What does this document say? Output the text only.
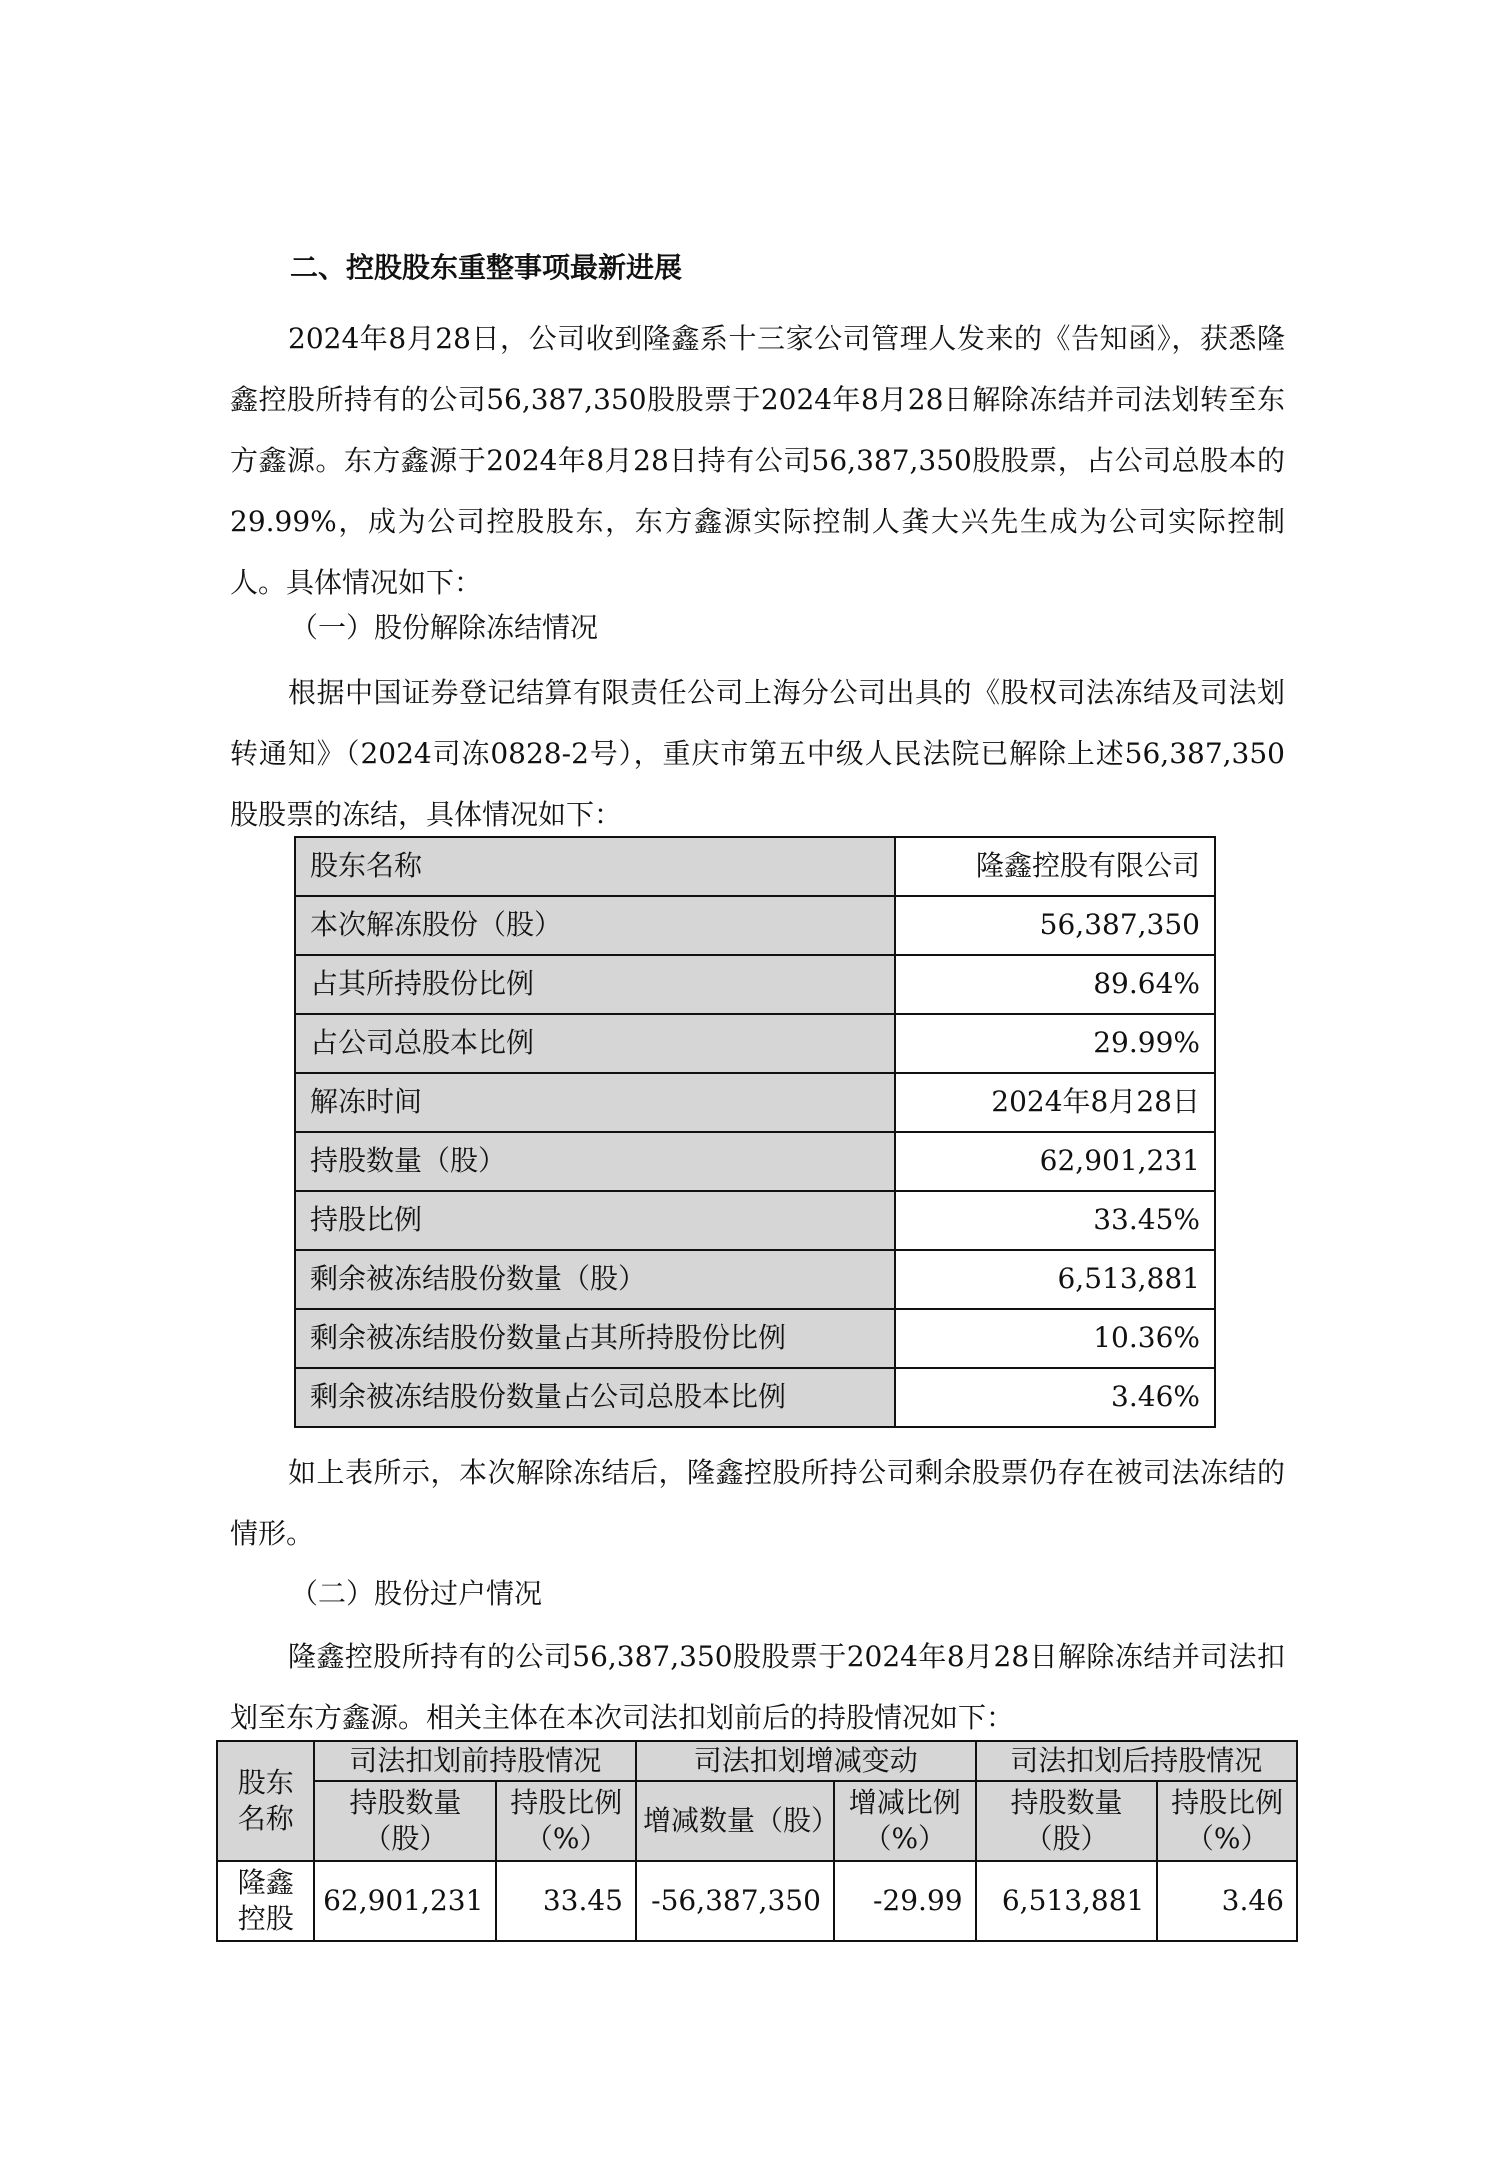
二、控股股东重整事项最新进展

2024年8月28日，公司收到隆鑫系十三家公司管理人发来的《告知函》，获悉隆鑫控股所持有的公司56,387,350股股票于2024年8月28日解除冻结并司法划转至东方鑫源。东方鑫源于2024年8月28日持有公司56,387,350股股票，占公司总股本的29.99%，成为公司控股股东，东方鑫源实际控制人龚大兴先生成为公司实际控制人。具体情况如下：

（一）股份解除冻结情况

根据中国证券登记结算有限责任公司上海分公司出具的《股权司法冻结及司法划转通知》（2024司冻0828-2号），重庆市第五中级人民法院已解除上述56,387,350股股票的冻结，具体情况如下：

股东名称	隆鑫控股有限公司
本次解冻股份（股）	56,387,350
占其所持股份比例	89.64%
占公司总股本比例	29.99%
解冻时间	2024年8月28日
持股数量（股）	62,901,231
持股比例	33.45%
剩余被冻结股份数量（股）	6,513,881
剩余被冻结股份数量占其所持股份比例	10.36%
剩余被冻结股份数量占公司总股本比例	3.46%

如上表所示，本次解除冻结后，隆鑫控股所持公司剩余股票仍存在被司法冻结的情形。

（二）股份过户情况

隆鑫控股所持有的公司56,387,350股股票于2024年8月28日解除冻结并司法扣划至东方鑫源。相关主体在本次司法扣划前后的持股情况如下：

股东名称	司法扣划前持股情况		司法扣划增减变动		司法扣划后持股情况	
	持股数量（股）	持股比例（%）	增减数量（股）	增减比例（%）	持股数量（股）	持股比例（%）
隆鑫控股	62,901,231	33.45	-56,387,350	-29.99	6,513,881	3.46
